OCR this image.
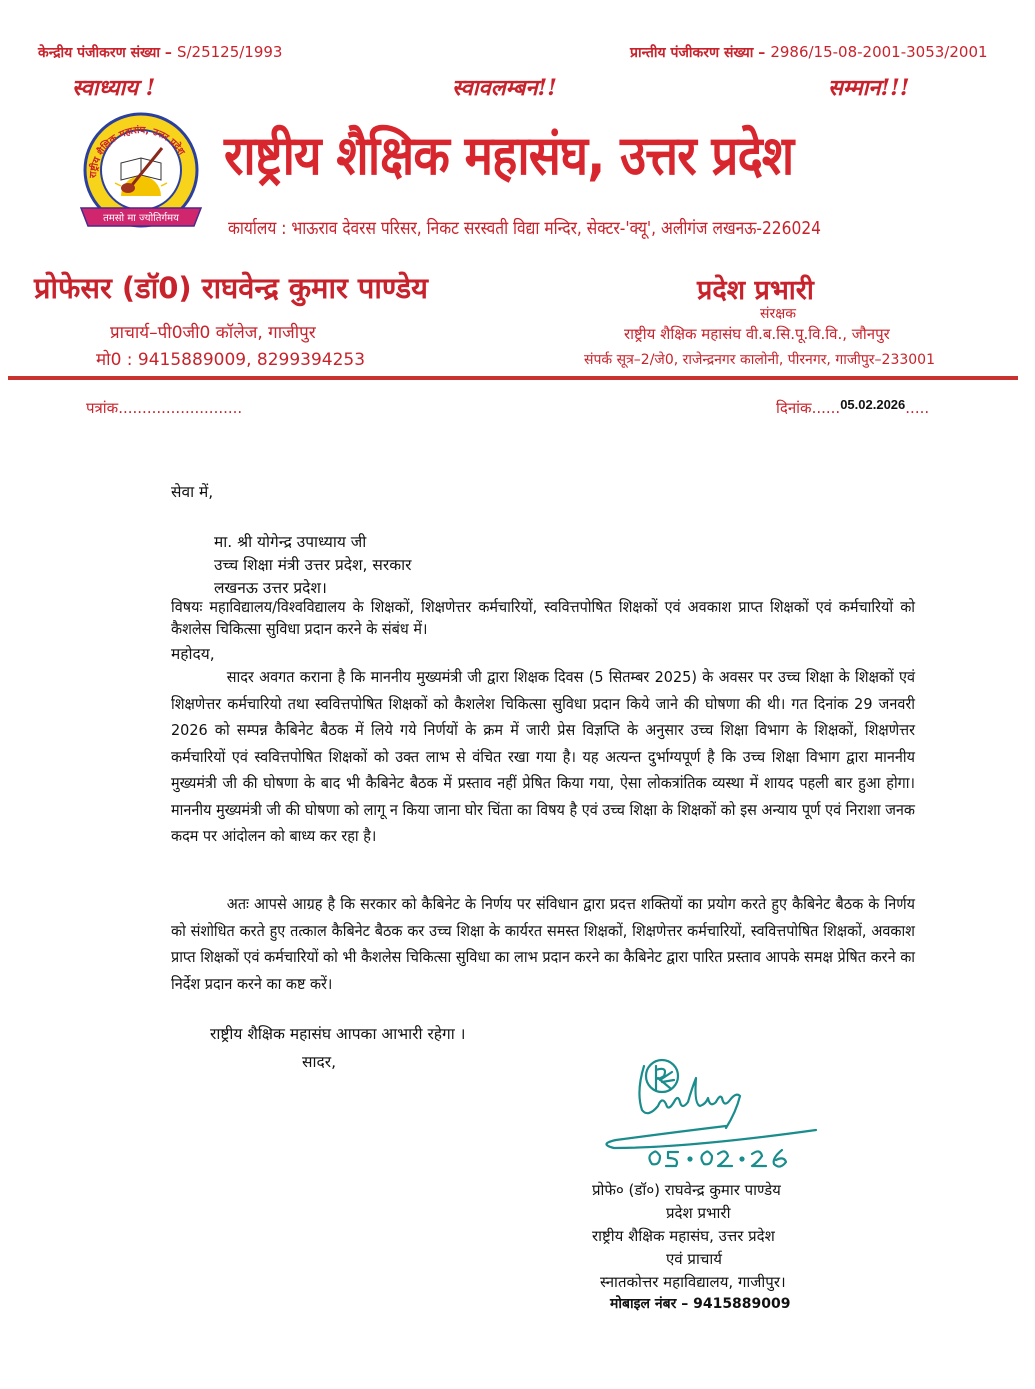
केन्द्रीय पंजीकरण संख्या – S/25125/1993	प्रान्तीय पंजीकरण संख्या – 2986/15-08-2001-3053/2001
स्वाध्याय !	स्वावलम्बन!!	सम्मान!!!
राष्ट्रीय शैक्षिक महासंघ, उत्तर प्रदेश
तमसो मा ज्योतिर्गमय
राष्ट्रीय शैक्षिक महासंघ, उत्तर प्रदेश
कार्यालय : भाऊराव देवरस परिसर, निकट सरस्वती विद्या मन्दिर, सेक्टर-'क्यू', अलीगंज लखनऊ-226024
प्रोफेसर (डॉ0) राघवेन्द्र कुमार पाण्डेय
प्राचार्य–पी0जी0 कॉलेज, गाजीपुर
मो0 : 9415889009, 8299394253
प्रदेश प्रभारी
संरक्षक
राष्ट्रीय शैक्षिक महासंघ वी.ब.सि.पू.वि.वि., जौनपुर
संपर्क सूत्र–2/जे0, राजेन्द्रनगर कालोनी, पीरनगर, गाजीपुर–233001
पत्रांक..........................	दिनांक......05.02.2026.....
सेवा में,
मा. श्री योगेन्द्र उपाध्याय जी
उच्च शिक्षा मंत्री उत्तर प्रदेश, सरकार
लखनऊ उत्तर प्रदेश।
विषयः महाविद्यालय/विश्वविद्यालय के शिक्षकों, शिक्षणेत्तर कर्मचारियों, स्ववित्तपोषित शिक्षकों एवं अवकाश प्राप्त शिक्षकों एवं कर्मचारियों को कैशलेस चिकित्सा सुविधा प्रदान करने के संबंध में।
महोदय,
सादर अवगत कराना है कि माननीय मुख्यमंत्री जी द्वारा शिक्षक दिवस (5 सितम्बर 2025) के अवसर पर उच्च शिक्षा के शिक्षकों एवं शिक्षणेत्तर कर्मचारियो तथा स्ववित्तपोषित शिक्षकों को कैशलेश चिकित्सा सुविधा प्रदान किये जाने की घोषणा की थी। गत दिनांक 29 जनवरी 2026 को सम्पन्न कैबिनेट बैठक में लिये गये निर्णयों के क्रम में जारी प्रेस विज्ञप्ति के अनुसार उच्च शिक्षा विभाग के शिक्षकों, शिक्षणेत्तर कर्मचारियों एवं स्ववित्तपोषित शिक्षकों को उक्त लाभ से वंचित रखा गया है। यह अत्यन्त दुर्भाग्यपूर्ण है कि उच्च शिक्षा विभाग द्वारा माननीय मुख्यमंत्री जी की घोषणा के बाद भी कैबिनेट बैठक में प्रस्ताव नहीं प्रेषित किया गया, ऐसा लोकत्रांतिक व्यस्था में शायद पहली बार हुआ होगा। माननीय मुख्यमंत्री जी की घोषणा को लागू न किया जाना घोर चिंता का विषय है एवं उच्च शिक्षा के शिक्षकों को इस अन्याय पूर्ण एवं निराशा जनक कदम पर आंदोलन को बाध्य कर रहा है।
अतः आपसे आग्रह है कि सरकार को कैबिनेट के निर्णय पर संविधान द्वारा प्रदत्त शक्तियों का प्रयोग करते हुए कैबिनेट बैठक के निर्णय को संशोधित करते हुए तत्काल कैबिनेट बैठक कर उच्च शिक्षा के कार्यरत समस्त शिक्षकों, शिक्षणेत्तर कर्मचारियों, स्ववित्तपोषित शिक्षकों, अवकाश प्राप्त शिक्षकों एवं कर्मचारियों को भी कैशलेस चिकित्सा सुविधा का लाभ प्रदान करने का कैबिनेट द्वारा पारित प्रस्ताव आपके समक्ष प्रेषित करने का निर्देश प्रदान करने का कष्ट करें।
राष्ट्रीय शैक्षिक महासंघ आपका आभारी रहेगा ।
सादर,
प्रोफे० (डॉ०) राघवेन्द्र कुमार पाण्डेय
प्रदेश प्रभारी
राष्ट्रीय शैक्षिक महासंघ, उत्तर प्रदेश
एवं प्राचार्य
स्नातकोत्तर महाविद्यालय, गाजीपुर।
मोबाइल नंबर – 9415889009
